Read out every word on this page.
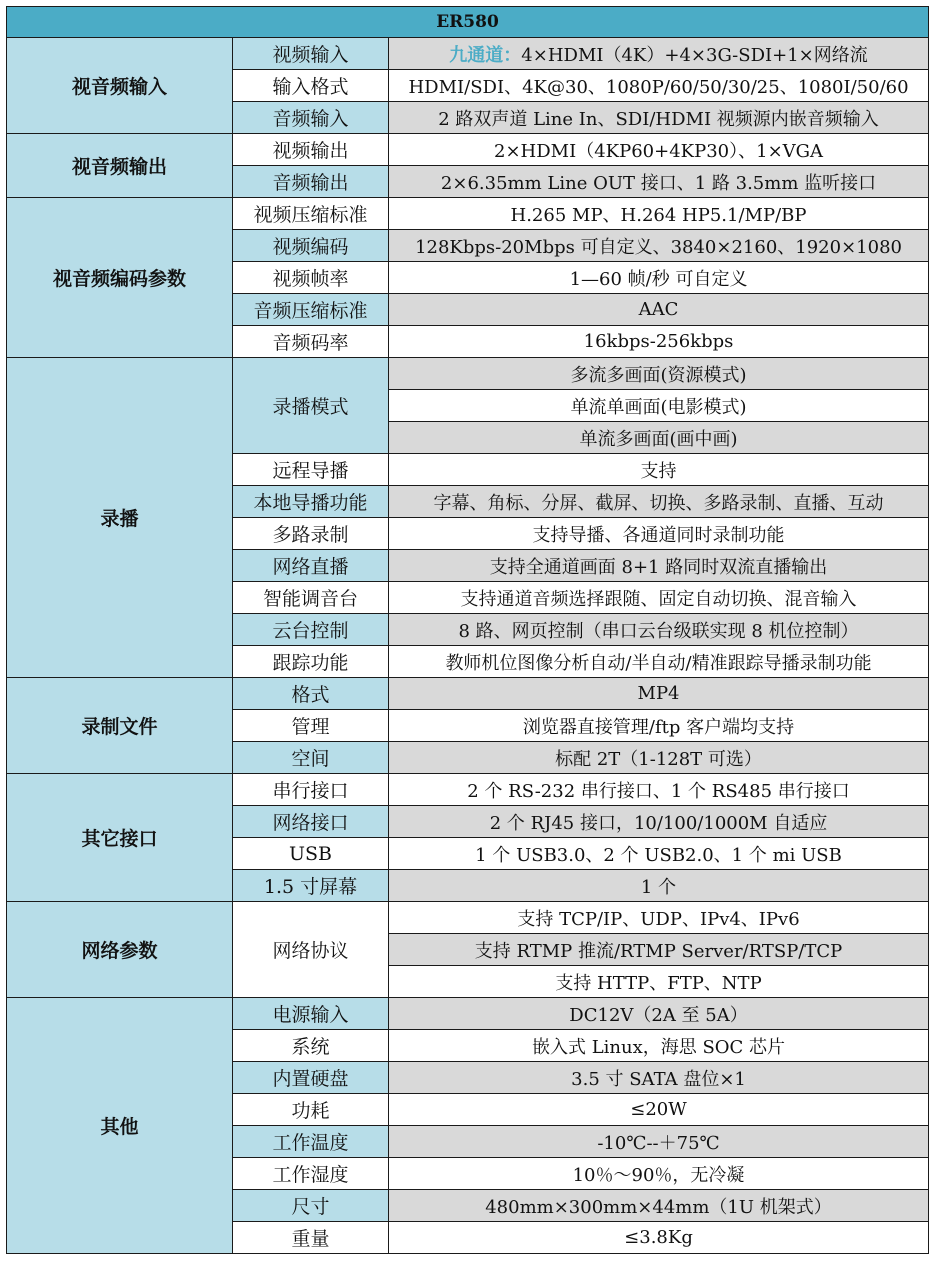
ER580		
视音频输入	视频输入	九通道：4×HDMI（4K）+4×3G-SDI+1×网络流
	输入格式	HDMI/SDI、4K@30、1080P/60/50/30/25、1080I/50/60
	音频输入	2 路双声道 Line In、SDI/HDMI 视频源内嵌音频输入
视音频输出	视频输出	2×HDMI（4KP60+4KP30）、1×VGA
	音频输出	2×6.35mm Line OUT 接口、1 路 3.5mm 监听接口
视音频编码参数	视频压缩标准	H.265 MP、H.264 HP5.1/MP/BP
	视频编码	128Kbps-20Mbps 可自定义、3840×2160、1920×1080
	视频帧率	1—60 帧/秒 可自定义
	音频压缩标准	AAC
	音频码率	16kbps-256kbps
录播	录播模式	多流多画面(资源模式)
		单流单画面(电影模式)
		单流多画面(画中画)
	远程导播	支持
	本地导播功能	字幕、角标、分屏、截屏、切换、多路录制、直播、互动
	多路录制	支持导播、各通道同时录制功能
	网络直播	支持全通道画面 8+1 路同时双流直播输出
	智能调音台	支持通道音频选择跟随、固定自动切换、混音输入
	云台控制	8 路、网页控制（串口云台级联实现 8 机位控制）
	跟踪功能	教师机位图像分析自动/半自动/精准跟踪导播录制功能
录制文件	格式	MP4
	管理	浏览器直接管理/ftp 客户端均支持
	空间	标配 2T（1-128T 可选）
其它接口	串行接口	2 个 RS-232 串行接口、1 个 RS485 串行接口
	网络接口	2 个 RJ45 接口，10/100/1000M 自适应
	USB	1 个 USB3.0、2 个 USB2.0、1 个 mi USB
	1.5 寸屏幕	1 个
网络参数	网络协议	支持 TCP/IP、UDP、IPv4、IPv6
		支持 RTMP 推流/RTMP Server/RTSP/TCP
		支持 HTTP、FTP、NTP
其他	电源输入	DC12V（2A 至 5A）
	系统	嵌入式 Linux，海思 SOC 芯片
	内置硬盘	3.5 寸 SATA 盘位×1
	功耗	≤20W
	工作温度	-10℃--＋75℃
	工作湿度	10％～90％，无冷凝
	尺寸	480mm×300mm×44mm（1U 机架式）
	重量	≤3.8Kg
